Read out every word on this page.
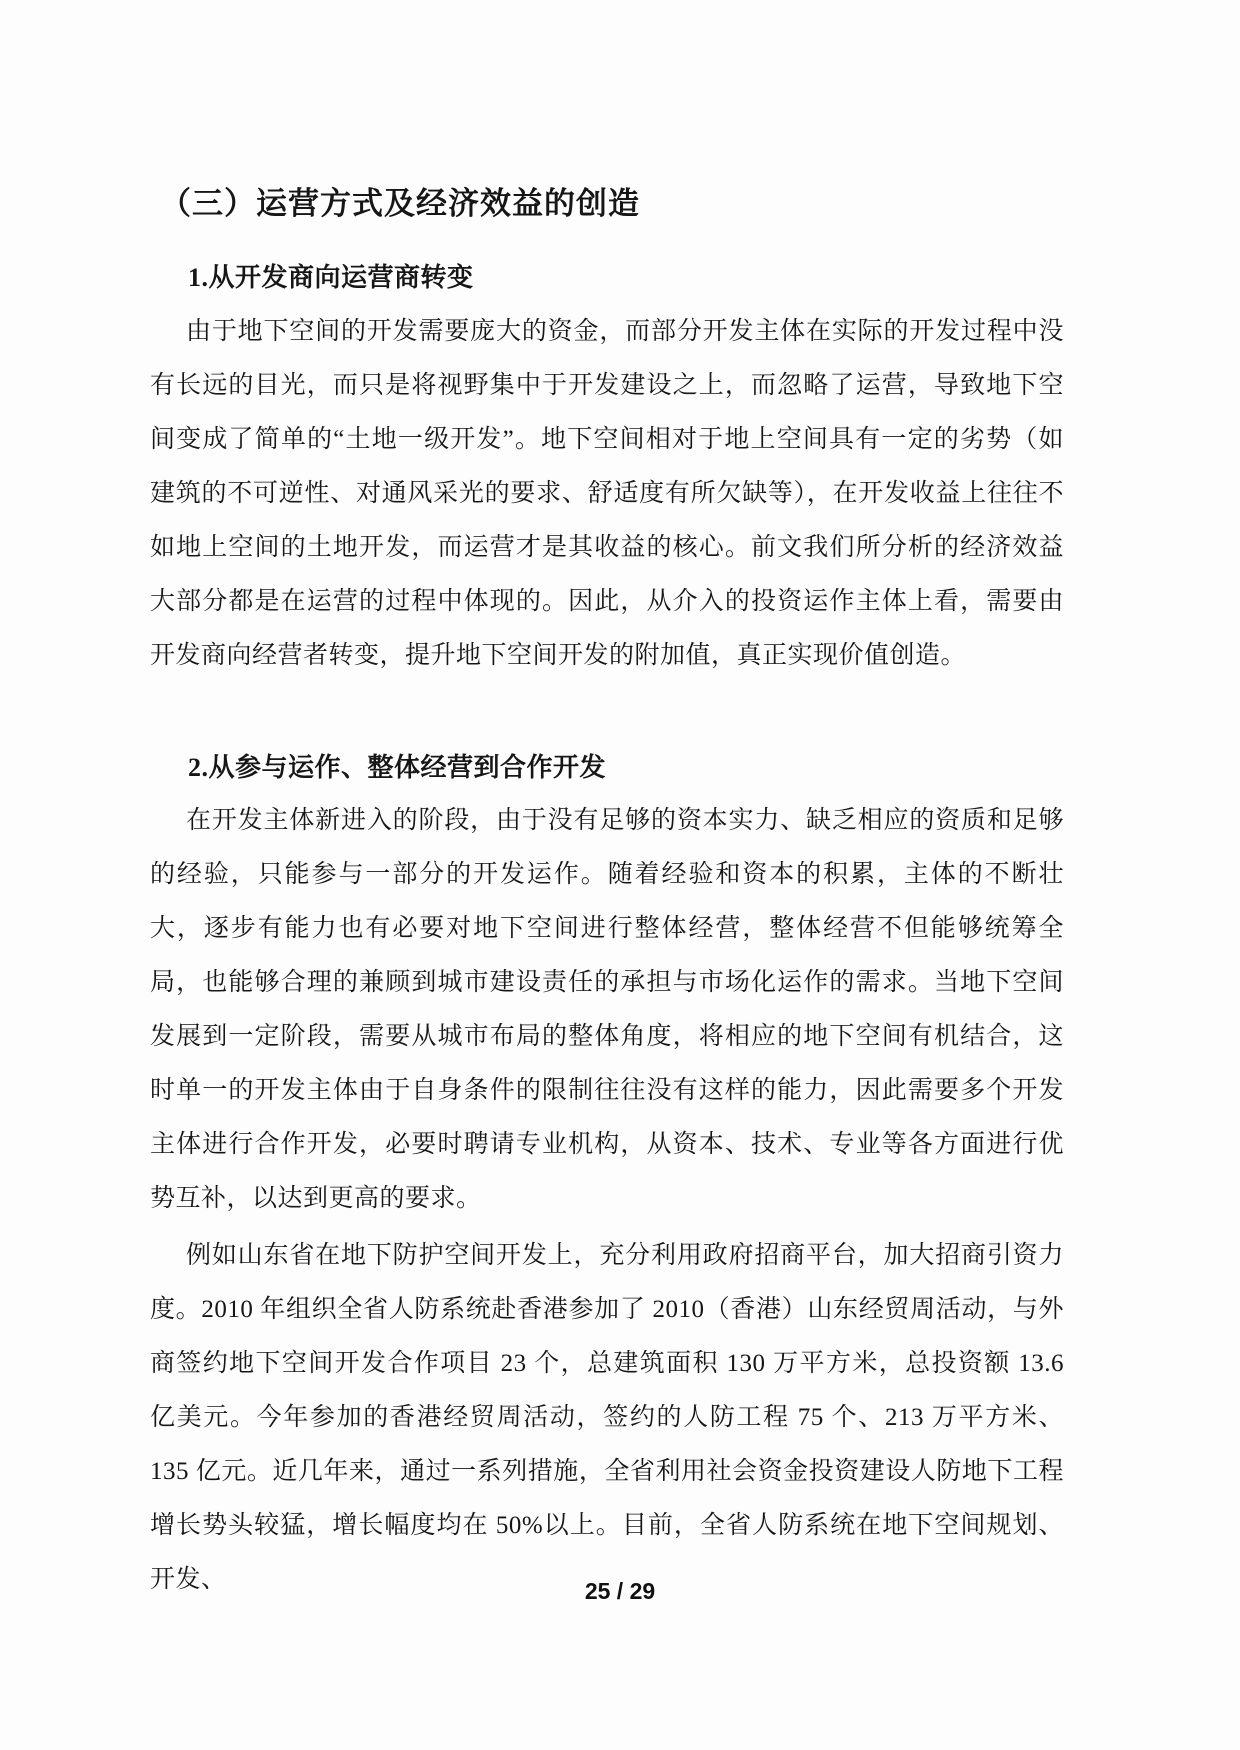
（三）运营方式及经济效益的创造
1.从开发商向运营商转变

由于地下空间的开发需要庞大的资金，而部分开发主体在实际的开发过程中没有长远的目光，而只是将视野集中于开发建设之上，而忽略了运营，导致地下空间变成了简单的“土地一级开发”。地下空间相对于地上空间具有一定的劣势（如建筑的不可逆性、对通风采光的要求、舒适度有所欠缺等），在开发收益上往往不如地上空间的土地开发，而运营才是其收益的核心。前文我们所分析的经济效益大部分都是在运营的过程中体现的。因此，从介入的投资运作主体上看，需要由开发商向经营者转变，提升地下空间开发的附加值，真正实现价值创造。

2.从参与运作、整体经营到合作开发

在开发主体新进入的阶段，由于没有足够的资本实力、缺乏相应的资质和足够的经验，只能参与一部分的开发运作。随着经验和资本的积累，主体的不断壮大，逐步有能力也有必要对地下空间进行整体经营，整体经营不但能够统筹全局，也能够合理的兼顾到城市建设责任的承担与市场化运作的需求。当地下空间发展到一定阶段，需要从城市布局的整体角度，将相应的地下空间有机结合，这时单一的开发主体由于自身条件的限制往往没有这样的能力，因此需要多个开发主体进行合作开发，必要时聘请专业机构，从资本、技术、专业等各方面进行优势互补，以达到更高的要求。

例如山东省在地下防护空间开发上，充分利用政府招商平台，加大招商引资力度。2010 年组织全省人防系统赴香港参加了 2010（香港）山东经贸周活动，与外商签约地下空间开发合作项目 23 个，总建筑面积 130 万平方米，总投资额 13.6 亿美元。今年参加的香港经贸周活动，签约的人防工程 75 个、213 万平方米、135 亿元。近几年来，通过一系列措施，全省利用社会资金投资建设人防地下工程增长势头较猛，增长幅度均在 50%以上。目前，全省人防系统在地下空间规划、开发、	25 / 29
